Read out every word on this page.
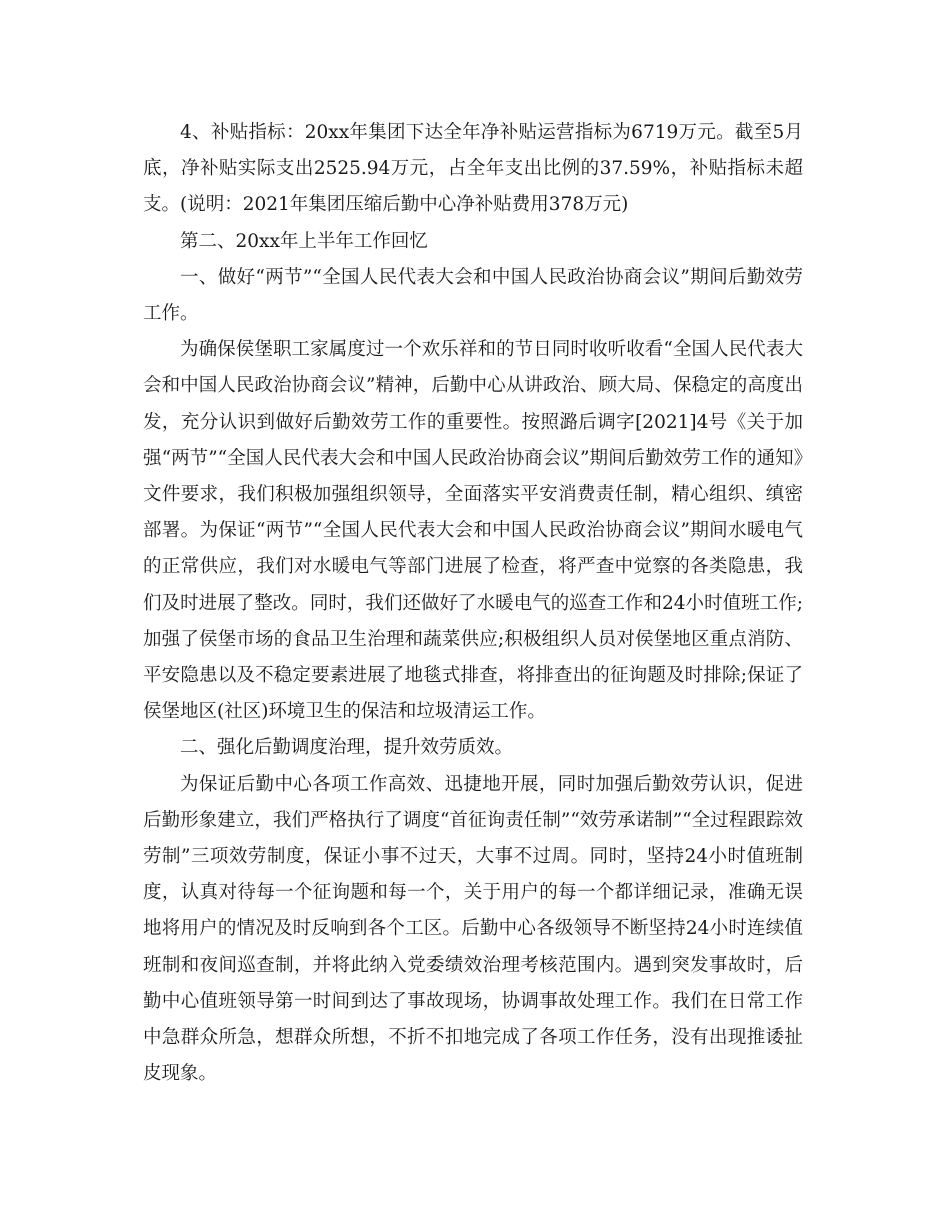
4、补贴指标：20xx年集团下达全年净补贴运营指标为6719万元。截至5月底，净补贴实际支出2525.94万元，占全年支出比例的37.59%，补贴指标未超支。(说明：2021年集团压缩后勤中心净补贴费用378万元)

第二、20xx年上半年工作回忆

一、做好“两节”“全国人民代表大会和中国人民政治协商会议”期间后勤效劳工作。

为确保侯堡职工家属度过一个欢乐祥和的节日同时收听收看“全国人民代表大会和中国人民政治协商会议”精神，后勤中心从讲政治、顾大局、保稳定的高度出发，充分认识到做好后勤效劳工作的重要性。按照潞后调字[2021]4号《关于加强“两节”“全国人民代表大会和中国人民政治协商会议”期间后勤效劳工作的通知》文件要求，我们积极加强组织领导，全面落实平安消费责任制，精心组织、缜密部署。为保证“两节”“全国人民代表大会和中国人民政治协商会议”期间水暖电气的正常供应，我们对水暖电气等部门进展了检查，将严查中觉察的各类隐患，我们及时进展了整改。同时，我们还做好了水暖电气的巡查工作和24小时值班工作;加强了侯堡市场的食品卫生治理和蔬菜供应;积极组织人员对侯堡地区重点消防、平安隐患以及不稳定要素进展了地毯式排查，将排查出的征询题及时排除;保证了侯堡地区(社区)环境卫生的保洁和垃圾清运工作。

二、强化后勤调度治理，提升效劳质效。

为保证后勤中心各项工作高效、迅捷地开展，同时加强后勤效劳认识，促进后勤形象建立，我们严格执行了调度“首征询责任制”“效劳承诺制”“全过程跟踪效劳制”三项效劳制度，保证小事不过天，大事不过周。同时，坚持24小时值班制度，认真对待每一个征询题和每一个，关于用户的每一个都详细记录，准确无误地将用户的情况及时反响到各个工区。后勤中心各级领导不断坚持24小时连续值班制和夜间巡查制，并将此纳入党委绩效治理考核范围内。遇到突发事故时，后勤中心值班领导第一时间到达了事故现场，协调事故处理工作。我们在日常工作中急群众所急，想群众所想，不折不扣地完成了各项工作任务，没有出现推诿扯皮现象。
